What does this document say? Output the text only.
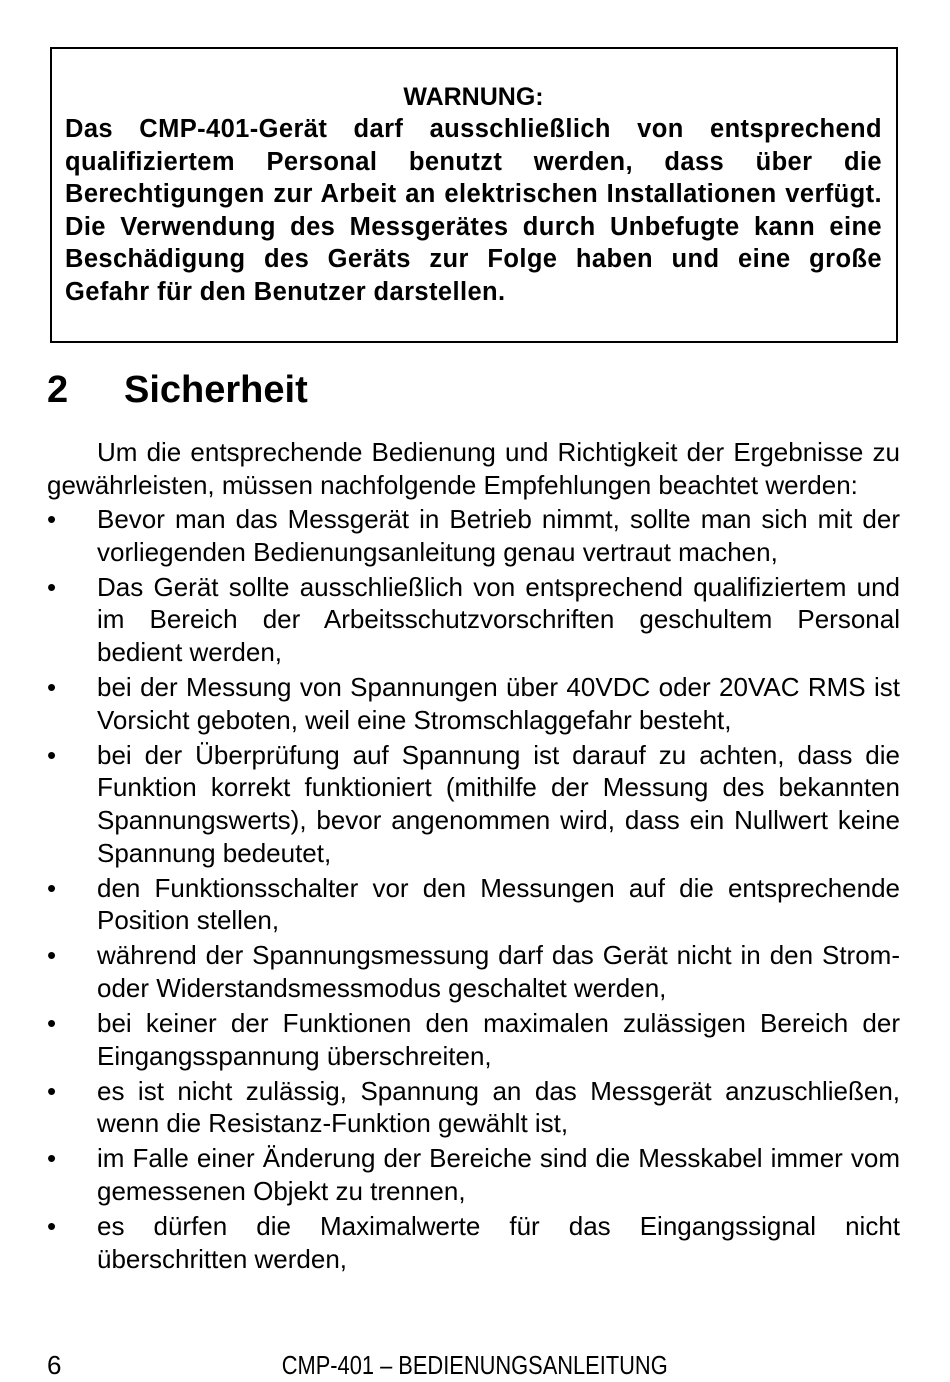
WARNUNG:

Das CMP-401-Gerät darf ausschließlich von entsprechend qualifiziertem Personal benutzt werden, dass über die Berechtigungen zur Arbeit an elektrischen Installationen verfügt. Die Verwendung des Messgerätes durch Unbefugte kann eine Beschädigung des Geräts zur Folge haben und eine große Gefahr für den Benutzer darstellen.

2 Sicherheit

Um die entsprechende Bedienung und Richtigkeit der Ergebnisse zu gewährleisten, müssen nachfolgende Empfehlungen beachtet werden:

•	Bevor man das Messgerät in Betrieb nimmt, sollte man sich mit der vorliegenden Bedienungsanleitung genau vertraut machen,
•	Das Gerät sollte ausschließlich von entsprechend qualifiziertem und im Bereich der Arbeitsschutzvorschriften geschultem Personal bedient werden,
•	bei der Messung von Spannungen über 40VDC oder 20VAC RMS ist Vorsicht geboten, weil eine Stromschlaggefahr besteht,
•	bei der Überprüfung auf Spannung ist darauf zu achten, dass die Funktion korrekt funktioniert (mithilfe der Messung des bekannten Spannungswerts), bevor angenommen wird, dass ein Nullwert keine Spannung bedeutet,
•	den Funktionsschalter vor den Messungen auf die entsprechende Position stellen,
•	während der Spannungsmessung darf das Gerät nicht in den Strom- oder Widerstandsmessmodus geschaltet werden,
•	bei keiner der Funktionen den maximalen zulässigen Bereich der Eingangsspannung überschreiten,
•	es ist nicht zulässig, Spannung an das Messgerät anzuschließen, wenn die Resistanz-Funktion gewählt ist,
•	im Falle einer Änderung der Bereiche sind die Messkabel immer vom gemessenen Objekt zu trennen,
•	es dürfen die Maximalwerte für das Eingangssignal nicht überschritten werden,
6	CMP-401 – BEDIENUNGSANLEITUNG
